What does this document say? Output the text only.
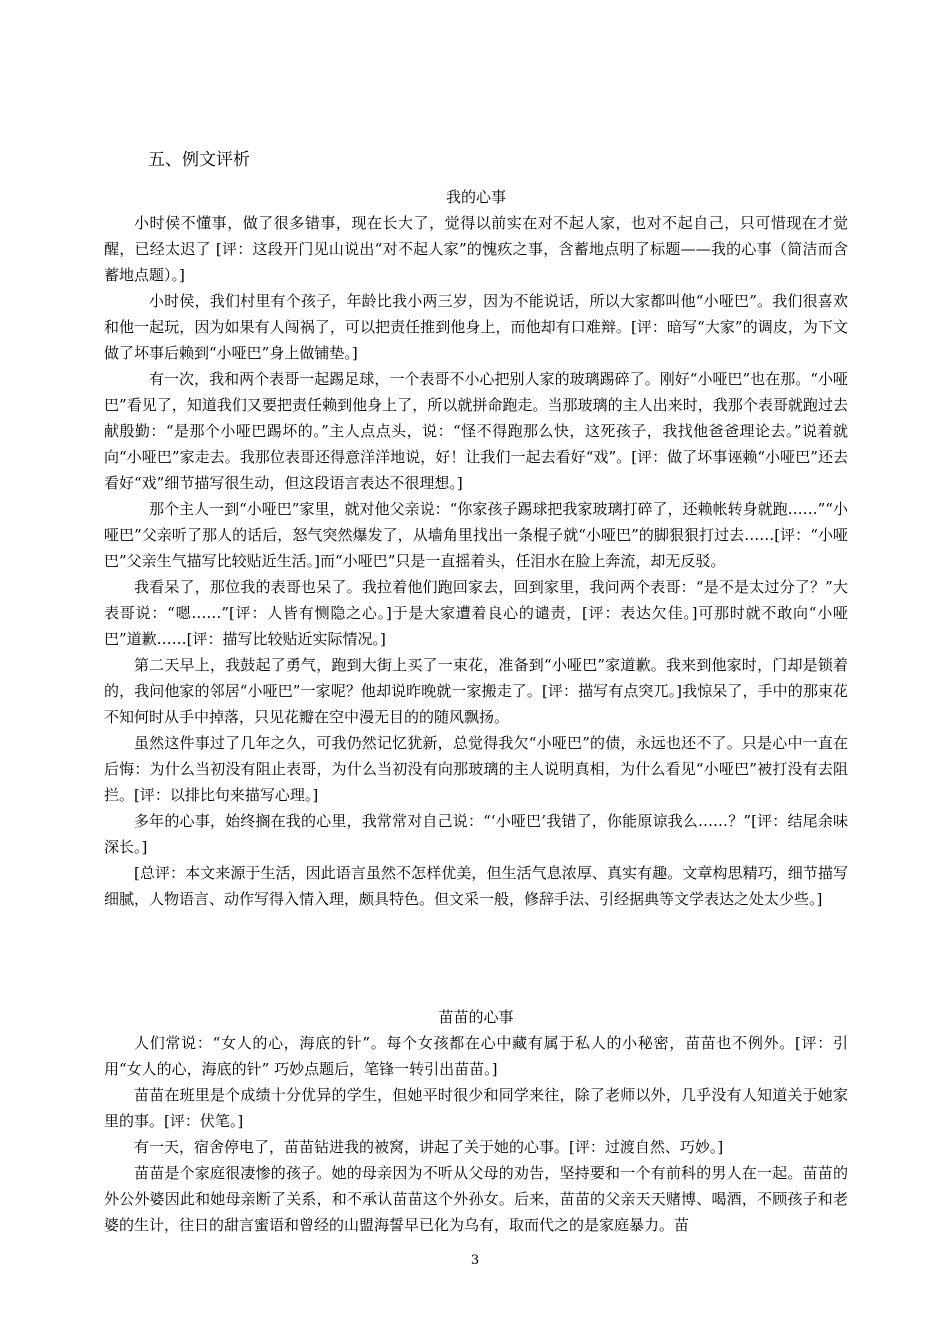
五、例文评析
我的心事

小时侯不懂事，做了很多错事，现在长大了，觉得以前实在对不起人家，也对不起自己，只可惜现在才觉醒，已经太迟了 [评：这段开门见山说出“对不起人家”的愧疚之事，含蓄地点明了标题——我的心事（简洁而含蓄地点题）。]

小时侯，我们村里有个孩子，年龄比我小两三岁，因为不能说话，所以大家都叫他“小哑巴”。我们很喜欢和他一起玩，因为如果有人闯祸了，可以把责任推到他身上，而他却有口难辩。[评：暗写“大家”的调皮，为下文做了坏事后赖到“小哑巴”身上做铺垫。]

有一次，我和两个表哥一起踢足球，一个表哥不小心把别人家的玻璃踢碎了。刚好“小哑巴”也在那。“小哑巴”看见了，知道我们又要把责任赖到他身上了，所以就拼命跑走。当那玻璃的主人出来时，我那个表哥就跑过去献殷勤：“是那个小哑巴踢坏的。”主人点点头，说：“怪不得跑那么快，这死孩子，我找他爸爸理论去。”说着就向“小哑巴”家走去。我那位表哥还得意洋洋地说，好！让我们一起去看好“戏”。[评：做了坏事诬赖“小哑巴”还去看好“戏”细节描写很生动，但这段语言表达不很理想。]

那个主人一到“小哑巴”家里，就对他父亲说：“你家孩子踢球把我家玻璃打碎了，还赖帐转身就跑……”“小哑巴”父亲听了那人的话后，怒气突然爆发了，从墙角里找出一条棍子就“小哑巴”的脚狠狠打过去……[评：“小哑巴”父亲生气描写比较贴近生活。]而“小哑巴”只是一直摇着头，任泪水在脸上奔流，却无反驳。

我看呆了，那位我的表哥也呆了。我拉着他们跑回家去，回到家里，我问两个表哥：“是不是太过分了？”大表哥说：“嗯……”[评：人皆有恻隐之心。]于是大家遭着良心的谴责，[评：表达欠佳。]可那时就不敢向“小哑巴”道歉……[评：描写比较贴近实际情况。]

第二天早上，我鼓起了勇气，跑到大街上买了一束花，准备到“小哑巴”家道歉。我来到他家时，门却是锁着的，我问他家的邻居“小哑巴”一家呢？他却说昨晚就一家搬走了。[评：描写有点突兀。]我惊呆了，手中的那束花不知何时从手中掉落，只见花瓣在空中漫无目的的随风飘扬。

虽然这件事过了几年之久，可我仍然记忆犹新，总觉得我欠“小哑巴”的债，永远也还不了。只是心中一直在后悔：为什么当初没有阻止表哥，为什么当初没有向那玻璃的主人说明真相，为什么看见“小哑巴”被打没有去阻拦。[评：以排比句来描写心理。]

多年的心事，始终搁在我的心里，我常常对自己说：“‘小哑巴’我错了，你能原谅我么……？”[评：结尾余味深长。]

[总评：本文来源于生活，因此语言虽然不怎样优美，但生活气息浓厚、真实有趣。文章构思精巧，细节描写细腻，人物语言、动作写得入情入理，颇具特色。但文采一般，修辞手法、引经据典等文学表达之处太少些。]

苗苗的心事

人们常说：“女人的心，海底的针”。每个女孩都在心中藏有属于私人的小秘密，苗苗也不例外。[评：引用“女人的心，海底的针” 巧妙点题后，笔锋一转引出苗苗。]

苗苗在班里是个成绩十分优异的学生，但她平时很少和同学来往，除了老师以外，几乎没有人知道关于她家里的事。[评：伏笔。]

有一天，宿舍停电了，苗苗钻进我的被窝，讲起了关于她的心事。[评：过渡自然、巧妙。]

苗苗是个家庭很凄惨的孩子。她的母亲因为不听从父母的劝告，坚持要和一个有前科的男人在一起。苗苗的外公外婆因此和她母亲断了关系，和不承认苗苗这个外孙女。后来，苗苗的父亲天天赌博、喝酒，不顾孩子和老婆的生计，往日的甜言蜜语和曾经的山盟海誓早已化为乌有，取而代之的是家庭暴力。苗

3
